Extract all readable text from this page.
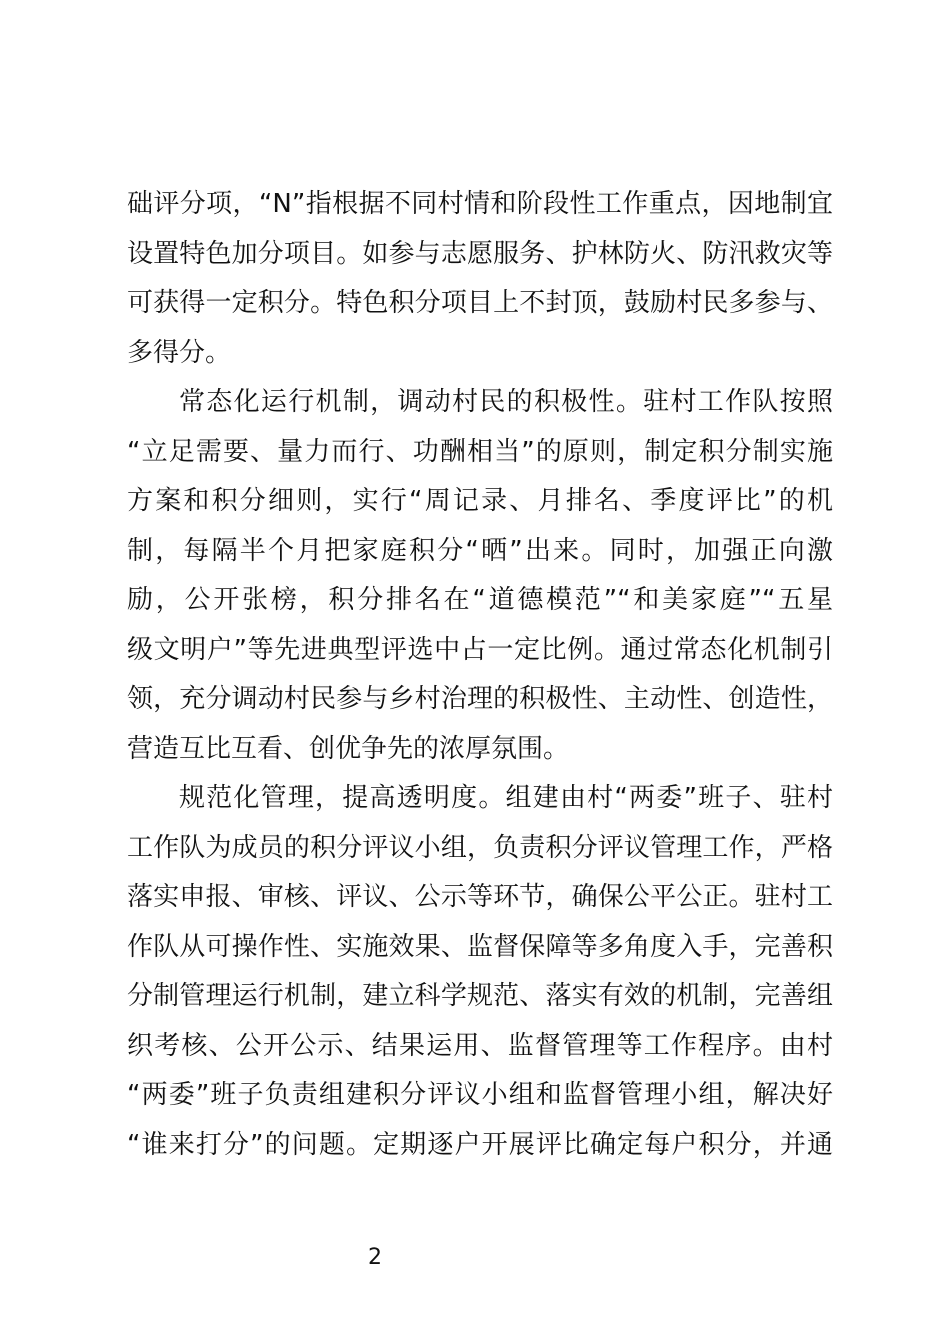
础评分项，“N”指根据不同村情和阶段性工作重点，因地制宜
设置特色加分项目。如参与志愿服务、护林防火、防汛救灾等
可获得一定积分。特色积分项目上不封顶，鼓励村民多参与、
多得分。
常态化运行机制，调动村民的积极性。驻村工作队按照
“立足需要、量力而行、功酬相当”的原则，制定积分制实施
方案和积分细则，实行“周记录、月排名、季度评比”的机
制，每隔半个月把家庭积分“晒”出来。同时，加强正向激
励，公开张榜，积分排名在“道德模范”“和美家庭”“五星
级文明户”等先进典型评选中占一定比例。通过常态化机制引
领，充分调动村民参与乡村治理的积极性、主动性、创造性，
营造互比互看、创优争先的浓厚氛围。
规范化管理，提高透明度。组建由村“两委”班子、驻村
工作队为成员的积分评议小组，负责积分评议管理工作，严格
落实申报、审核、评议、公示等环节，确保公平公正。驻村工
作队从可操作性、实施效果、监督保障等多角度入手，完善积
分制管理运行机制，建立科学规范、落实有效的机制，完善组
织考核、公开公示、结果运用、监督管理等工作程序。由村
“两委”班子负责组建积分评议小组和监督管理小组，解决好
“谁来打分”的问题。定期逐户开展评比确定每户积分，并通
2
